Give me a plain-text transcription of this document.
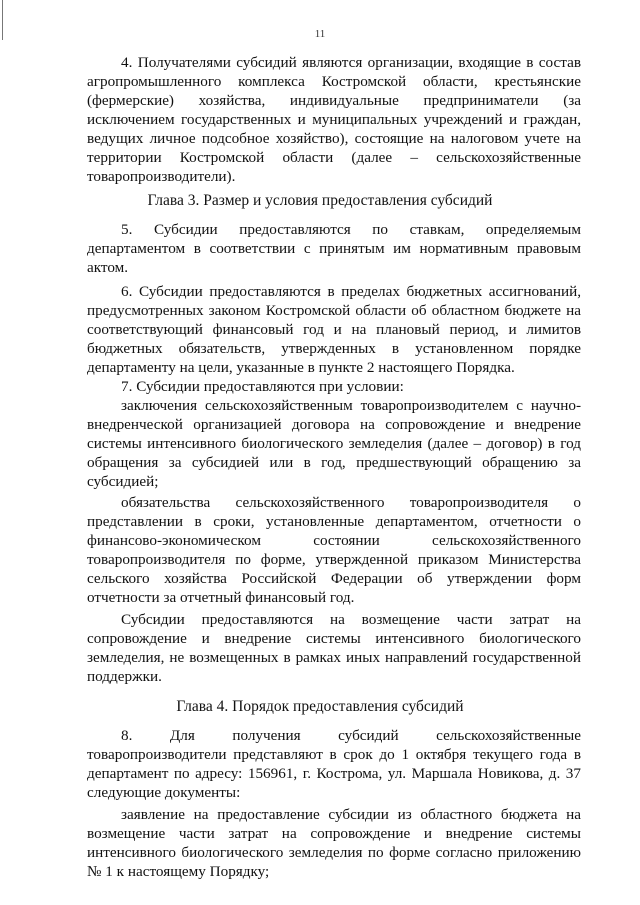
11
4. Получателями субсидий являются организации, входящие в состав
агропромышленного комплекса Костромской области, крестьянские
(фермерские) хозяйства, индивидуальные предприниматели (за
исключением государственных и муниципальных учреждений и граждан,
ведущих личное подсобное хозяйство), состоящие на налоговом учете на
территории Костромской области (далее – сельскохозяйственные
товаропроизводители).
Глава 3. Размер и условия предоставления субсидий
5. Субсидии предоставляются по ставкам, определяемым
департаментом в соответствии с принятым им нормативным правовым
актом.
6. Субсидии предоставляются в пределах бюджетных ассигнований,
предусмотренных законом Костромской области об областном бюджете на
соответствующий финансовый год и на плановый период, и лимитов
бюджетных обязательств, утвержденных в установленном порядке
департаменту на цели, указанные в пункте 2 настоящего Порядка.
7. Субсидии предоставляются при условии:
заключения сельскохозяйственным товаропроизводителем с научно-
внедренческой организацией договора на сопровождение и внедрение
системы интенсивного биологического земледелия (далее – договор) в год
обращения за субсидией или в год, предшествующий обращению за
субсидией;
обязательства сельскохозяйственного товаропроизводителя о
представлении в сроки, установленные департаментом, отчетности о
финансово-экономическом состоянии сельскохозяйственного
товаропроизводителя по форме, утвержденной приказом Министерства
сельского хозяйства Российской Федерации об утверждении форм
отчетности за отчетный финансовый год.
Субсидии предоставляются на возмещение части затрат на
сопровождение и внедрение системы интенсивного биологического
земледелия, не возмещенных в рамках иных направлений государственной
поддержки.
Глава 4. Порядок предоставления субсидий
8. Для получения субсидий сельскохозяйственные
товаропроизводители представляют в срок до 1 октября текущего года в
департамент по адресу: 156961, г. Кострома, ул. Маршала Новикова, д. 37
следующие документы:
заявление на предоставление субсидии из областного бюджета на
возмещение части затрат на сопровождение и внедрение системы
интенсивного биологического земледелия по форме согласно приложению
№ 1 к настоящему Порядку;
